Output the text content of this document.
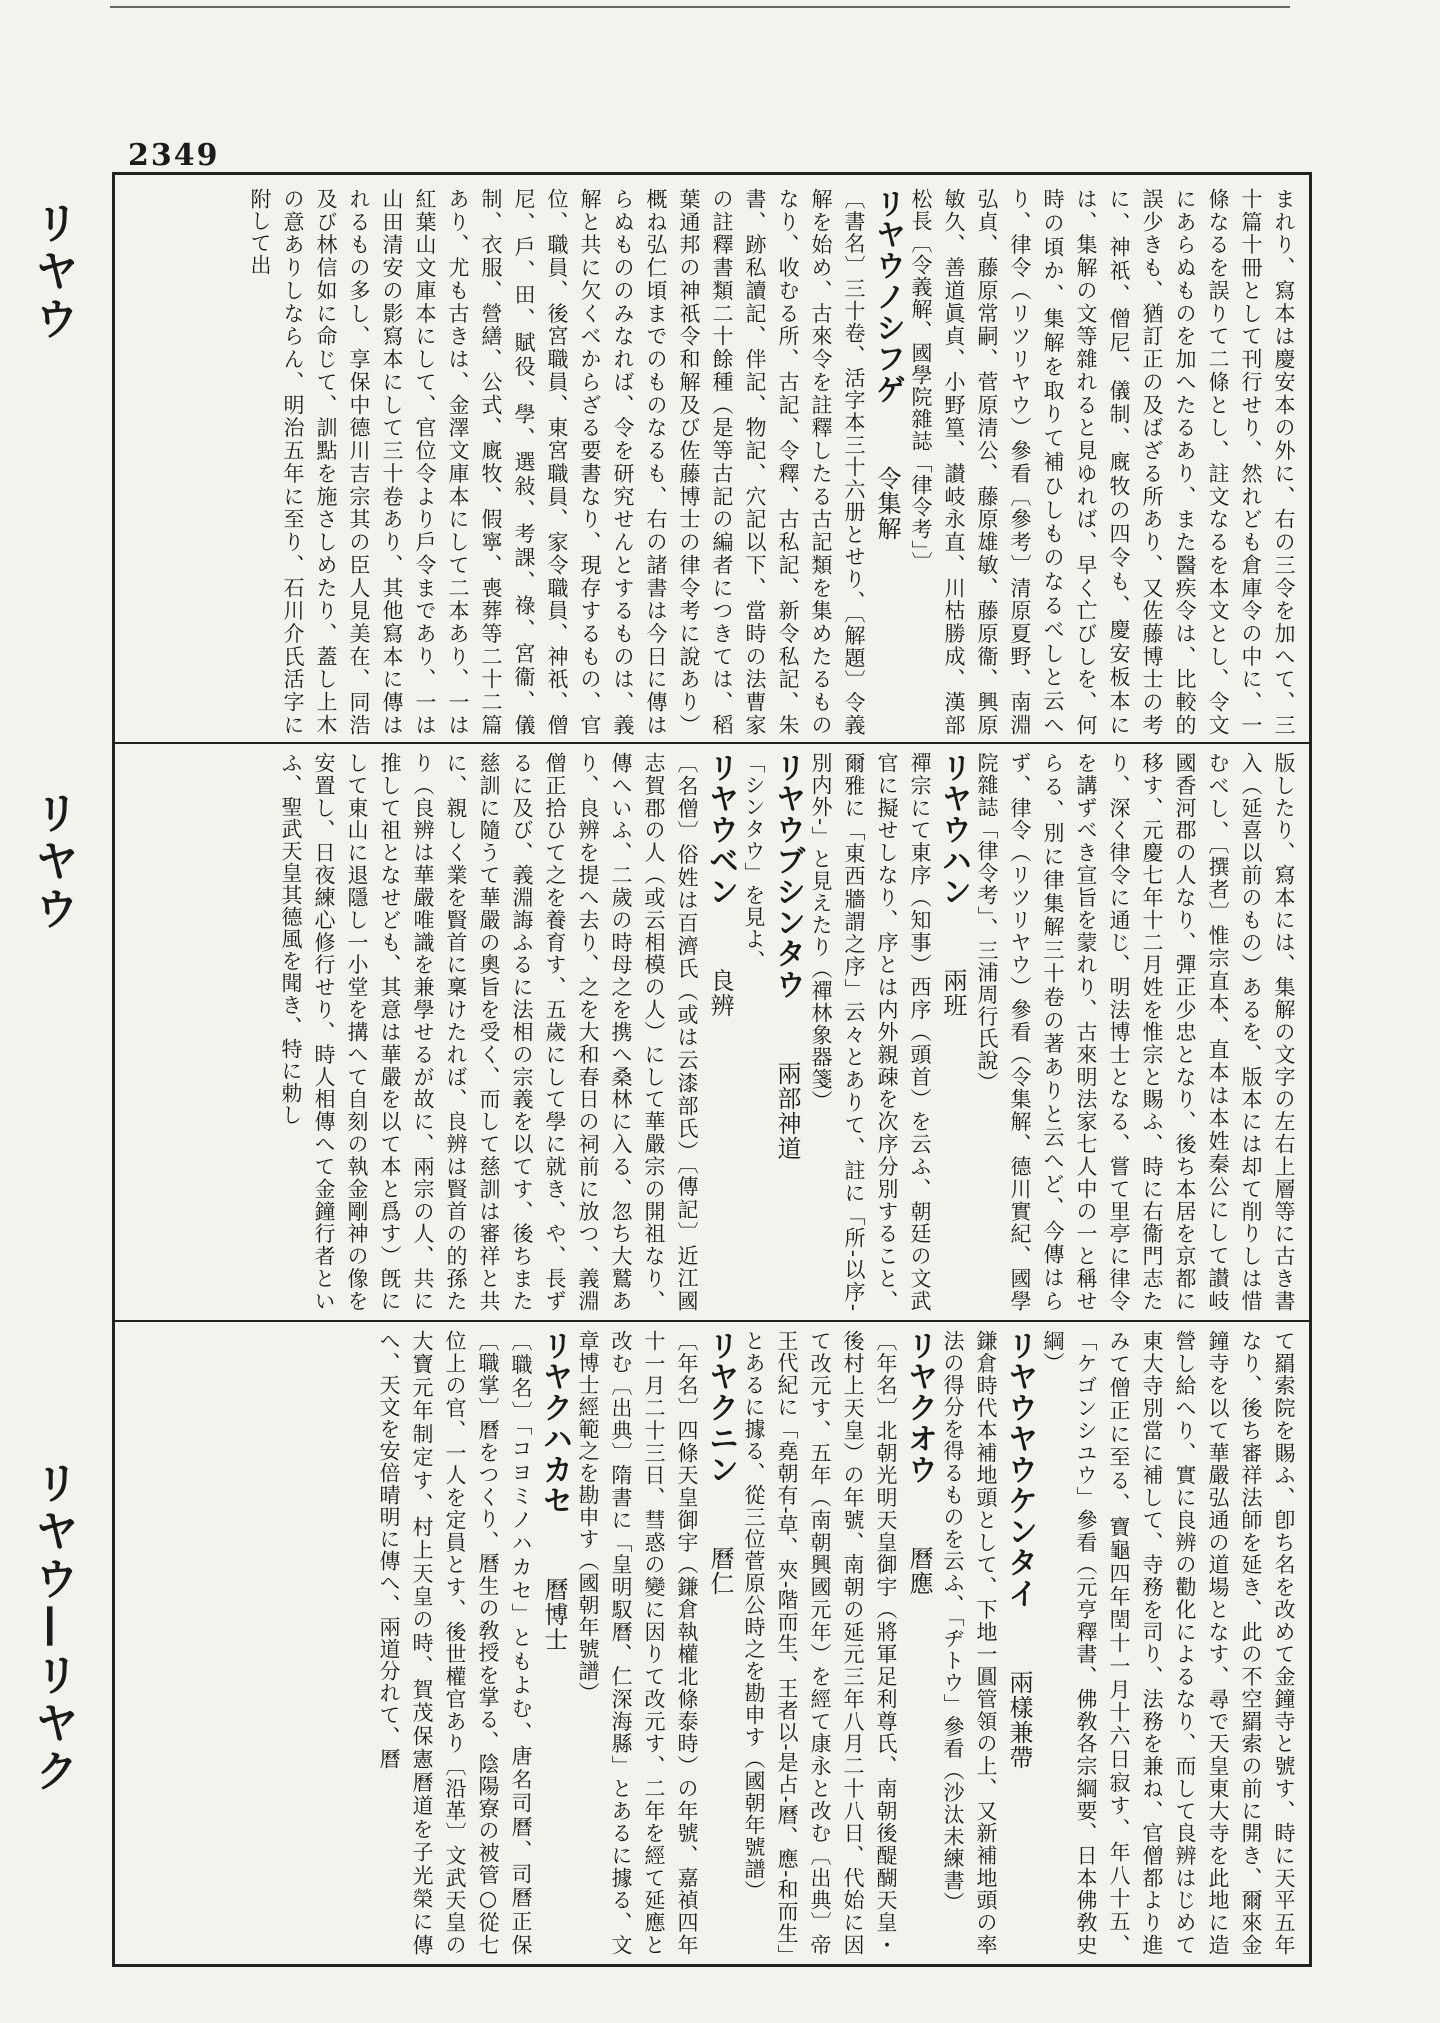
2349
リヤウ
リヤウ
リヤウ—リヤク

まれり、寫本は慶安本の外に、右の三令を加へて、三十篇十冊として刊行せり、然れども倉庫令の中に、一條なるを誤りて二條とし、註文なるを本文とし、令文にあらぬものを加へたるあり、また醫疾令は、比較的誤少きも、猶訂正の及ばざる所あり、又佐藤博士の考に、神祇、僧尼、儀制、廐牧の四令も、慶安板本には、集解の文等雜れると見ゆれば、早く亡びしを、何時の頃か、集解を取りて補ひしものなるべしと云へり、律令（リツリヤウ）參看〔參考〕清原夏野、南淵弘貞、藤原常嗣、菅原清公、藤原雄敏、藤原衞、興原敏久、善道眞貞、小野篁、讃岐永直、川枯勝成、漢部松長〔令義解、國學院雜誌「律令考」〕

リヤウノシフゲ　令集解

〔書名〕三十卷、活字本三十六册とせり、〔解題〕令義解を始め、古來令を註釋したる古記類を集めたるものなり、收むる所、古記、令釋、古私記、新令私記、朱書、跡私讀記、伴記、物記、穴記以下、當時の法曹家の註釋書類二十餘種（是等古記の編者につきては、稻葉通邦の神祇令和解及び佐藤博士の律令考に說あり）概ね弘仁頃までのものなるも、右の諸書は今日に傳はらぬもののみなれば、令を研究せんとするものは、義解と共に欠くべからざる要書なり、現存するもの、官位、職員、後宮職員、東宮職員、家令職員、神祇、僧尼、戶、田、賦役、學、選敍、考課、祿、宮衞、儀制、衣服、營繕、公式、廐牧、假寧、喪葬等二十二篇あり、尤も古きは、金澤文庫本にして二本あり、一は紅葉山文庫本にして、官位令より戶令まであり、一は山田清安の影寫本にして三十卷あり、其他寫本に傳はれるもの多し、享保中德川吉宗其の臣人見美在、同浩及び林信如に命じて、訓點を施さしめたり、蓋し上木の意ありしならん、明治五年に至り、石川介氏活字に附して出

版したり、寫本には、集解の文字の左右上層等に古き書入（延喜以前のもの）あるを、版本には却て削りしは惜むべし、〔撰者〕惟宗直本、直本は本姓秦公にして讃岐國香河郡の人なり、彈正少忠となり、後ち本居を京都に移す、元慶七年十二月姓を惟宗と賜ふ、時に右衞門志たり、深く律令に通じ、明法博士となる、嘗て里亭に律令を講ずべき宣旨を蒙れり、古來明法家七人中の一と稱せらる、別に律集解三十卷の著ありと云へど、今傳はらず、律令（リツリヤウ）參看（令集解、德川實紀、國學院雜誌「律令考」、三浦周行氏說）

リヤウハン　兩班

禪宗にて東序（知事）西序（頭首）を云ふ、朝廷の文武官に擬せしなり、序とは内外親疎を次序分別すること、爾雅に「東西牆謂之序」云々とありて、註に「所‐以序‐別内外‐」と見えたり（禪林象器箋）

リヤウブシンタウ　兩部神道

「シンタウ」を見よ、

リヤウベン　良辨

〔名僧〕俗姓は百濟氏（或は云漆部氏）〔傳記〕近江國志賀郡の人（或云相模の人）にして華嚴宗の開祖なり、傳へいふ、二歲の時母之を携へ桑林に入る、忽ち大鷲あり、良辨を提へ去り、之を大和春日の祠前に放つ、義淵僧正拾ひて之を養育す、五歲にして學に就き、や、長ずるに及び、義淵誨ふるに法相の宗義を以てす、後ちまた慈訓に隨うて華嚴の奧旨を受く、而して慈訓は審祥と共に、親しく業を賢首に稟けたれば、良辨は賢首の的孫たり（良辨は華嚴唯識を兼學せるが故に、兩宗の人、共に推して祖となせども、其意は華嚴を以て本と爲す）旣にして東山に退隱し一小堂を搆へて自刻の執金剛神の像を安置し、日夜練心修行せり、時人相傳へて金鐘行者といふ、聖武天皇其德風を聞き、特に勅し

て羂索院を賜ふ、卽ち名を改めて金鐘寺と號す、時に天平五年なり、後ち審祥法師を延き、此の不空羂索の前に開き、爾來金鐘寺を以て華嚴弘通の道場となす、尋で天皇東大寺を此地に造營し給へり、實に良辨の勸化によるなり、而して良辨はじめて東大寺別當に補して、寺務を司り、法務を兼ね、官僧都より進みて僧正に至る、寶龜四年閏十一月十六日寂す、年八十五、「ケゴンシユウ」參看（元亨釋書、佛敎各宗綱要、日本佛敎史綱）

リヤウヤウケンタイ　兩樣兼帶

鎌倉時代本補地頭として、下地一圓管領の上、又新補地頭の率法の得分を得るものを云ふ、「ヂトウ」參看（沙汰未練書）

リヤクオウ　曆應

〔年名〕北朝光明天皇御宇（將軍足利尊氏、南朝後醍醐天皇・後村上天皇）の年號、南朝の延元三年八月二十八日、代始に因て改元す、五年（南朝興國元年）を經て康永と改む〔出典〕帝王代紀に「堯朝有‐草、夾‐階而生、王者以‐是占‐曆、應‐和而生」とあるに據る、從三位菅原公時之を勘申す（國朝年號譜）

リヤクニン　曆仁

〔年名〕四條天皇御宇（鎌倉執權北條泰時）の年號、嘉禎四年十一月二十三日、彗惑の變に因りて改元す、二年を經て延應と改む〔出典〕隋書に「皇明馭曆、仁深海縣」とあるに據る、文章博士經範之を勘申す（國朝年號譜）

リヤクハカセ　曆博士

〔職名〕「コヨミノハカセ」ともよむ、唐名司曆、司曆正保〔職掌〕曆をつくり、曆生の敎授を掌る、陰陽寮の被管○從七位上の官、一人を定員とす、後世權官あり〔沿革〕文武天皇の大寶元年制定す、村上天皇の時、賀茂保憲曆道を子光榮に傳へ、天文を安倍晴明に傳へ、兩道分れて、曆
